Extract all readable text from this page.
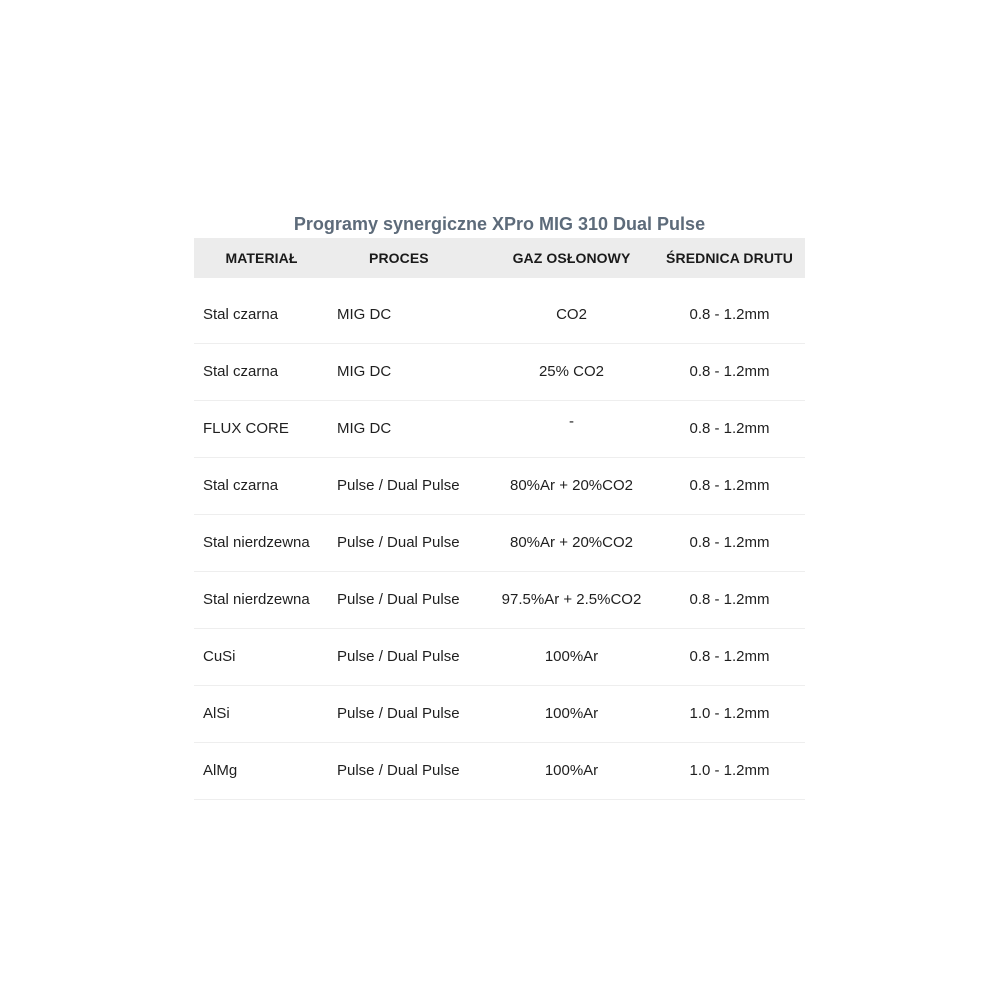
Programy synergiczne XPro MIG 310 Dual Pulse

MATERIAŁ	PROCES	GAZ OSŁONOWY	ŚREDNICA DRUTU

Stal czarna	MIG DC	CO2	0.8 - 1.2mm
Stal czarna	MIG DC	25% CO2	0.8 - 1.2mm
FLUX CORE	MIG DC	-	0.8 - 1.2mm
Stal czarna	Pulse / Dual Pulse	80%Ar + 20%CO2	0.8 - 1.2mm
Stal nierdzewna	Pulse / Dual Pulse	80%Ar + 20%CO2	0.8 - 1.2mm
Stal nierdzewna	Pulse / Dual Pulse	97.5%Ar + 2.5%CO2	0.8 - 1.2mm
CuSi	Pulse / Dual Pulse	100%Ar	0.8 - 1.2mm
AlSi	Pulse / Dual Pulse	100%Ar	1.0 - 1.2mm
AlMg	Pulse / Dual Pulse	100%Ar	1.0 - 1.2mm
